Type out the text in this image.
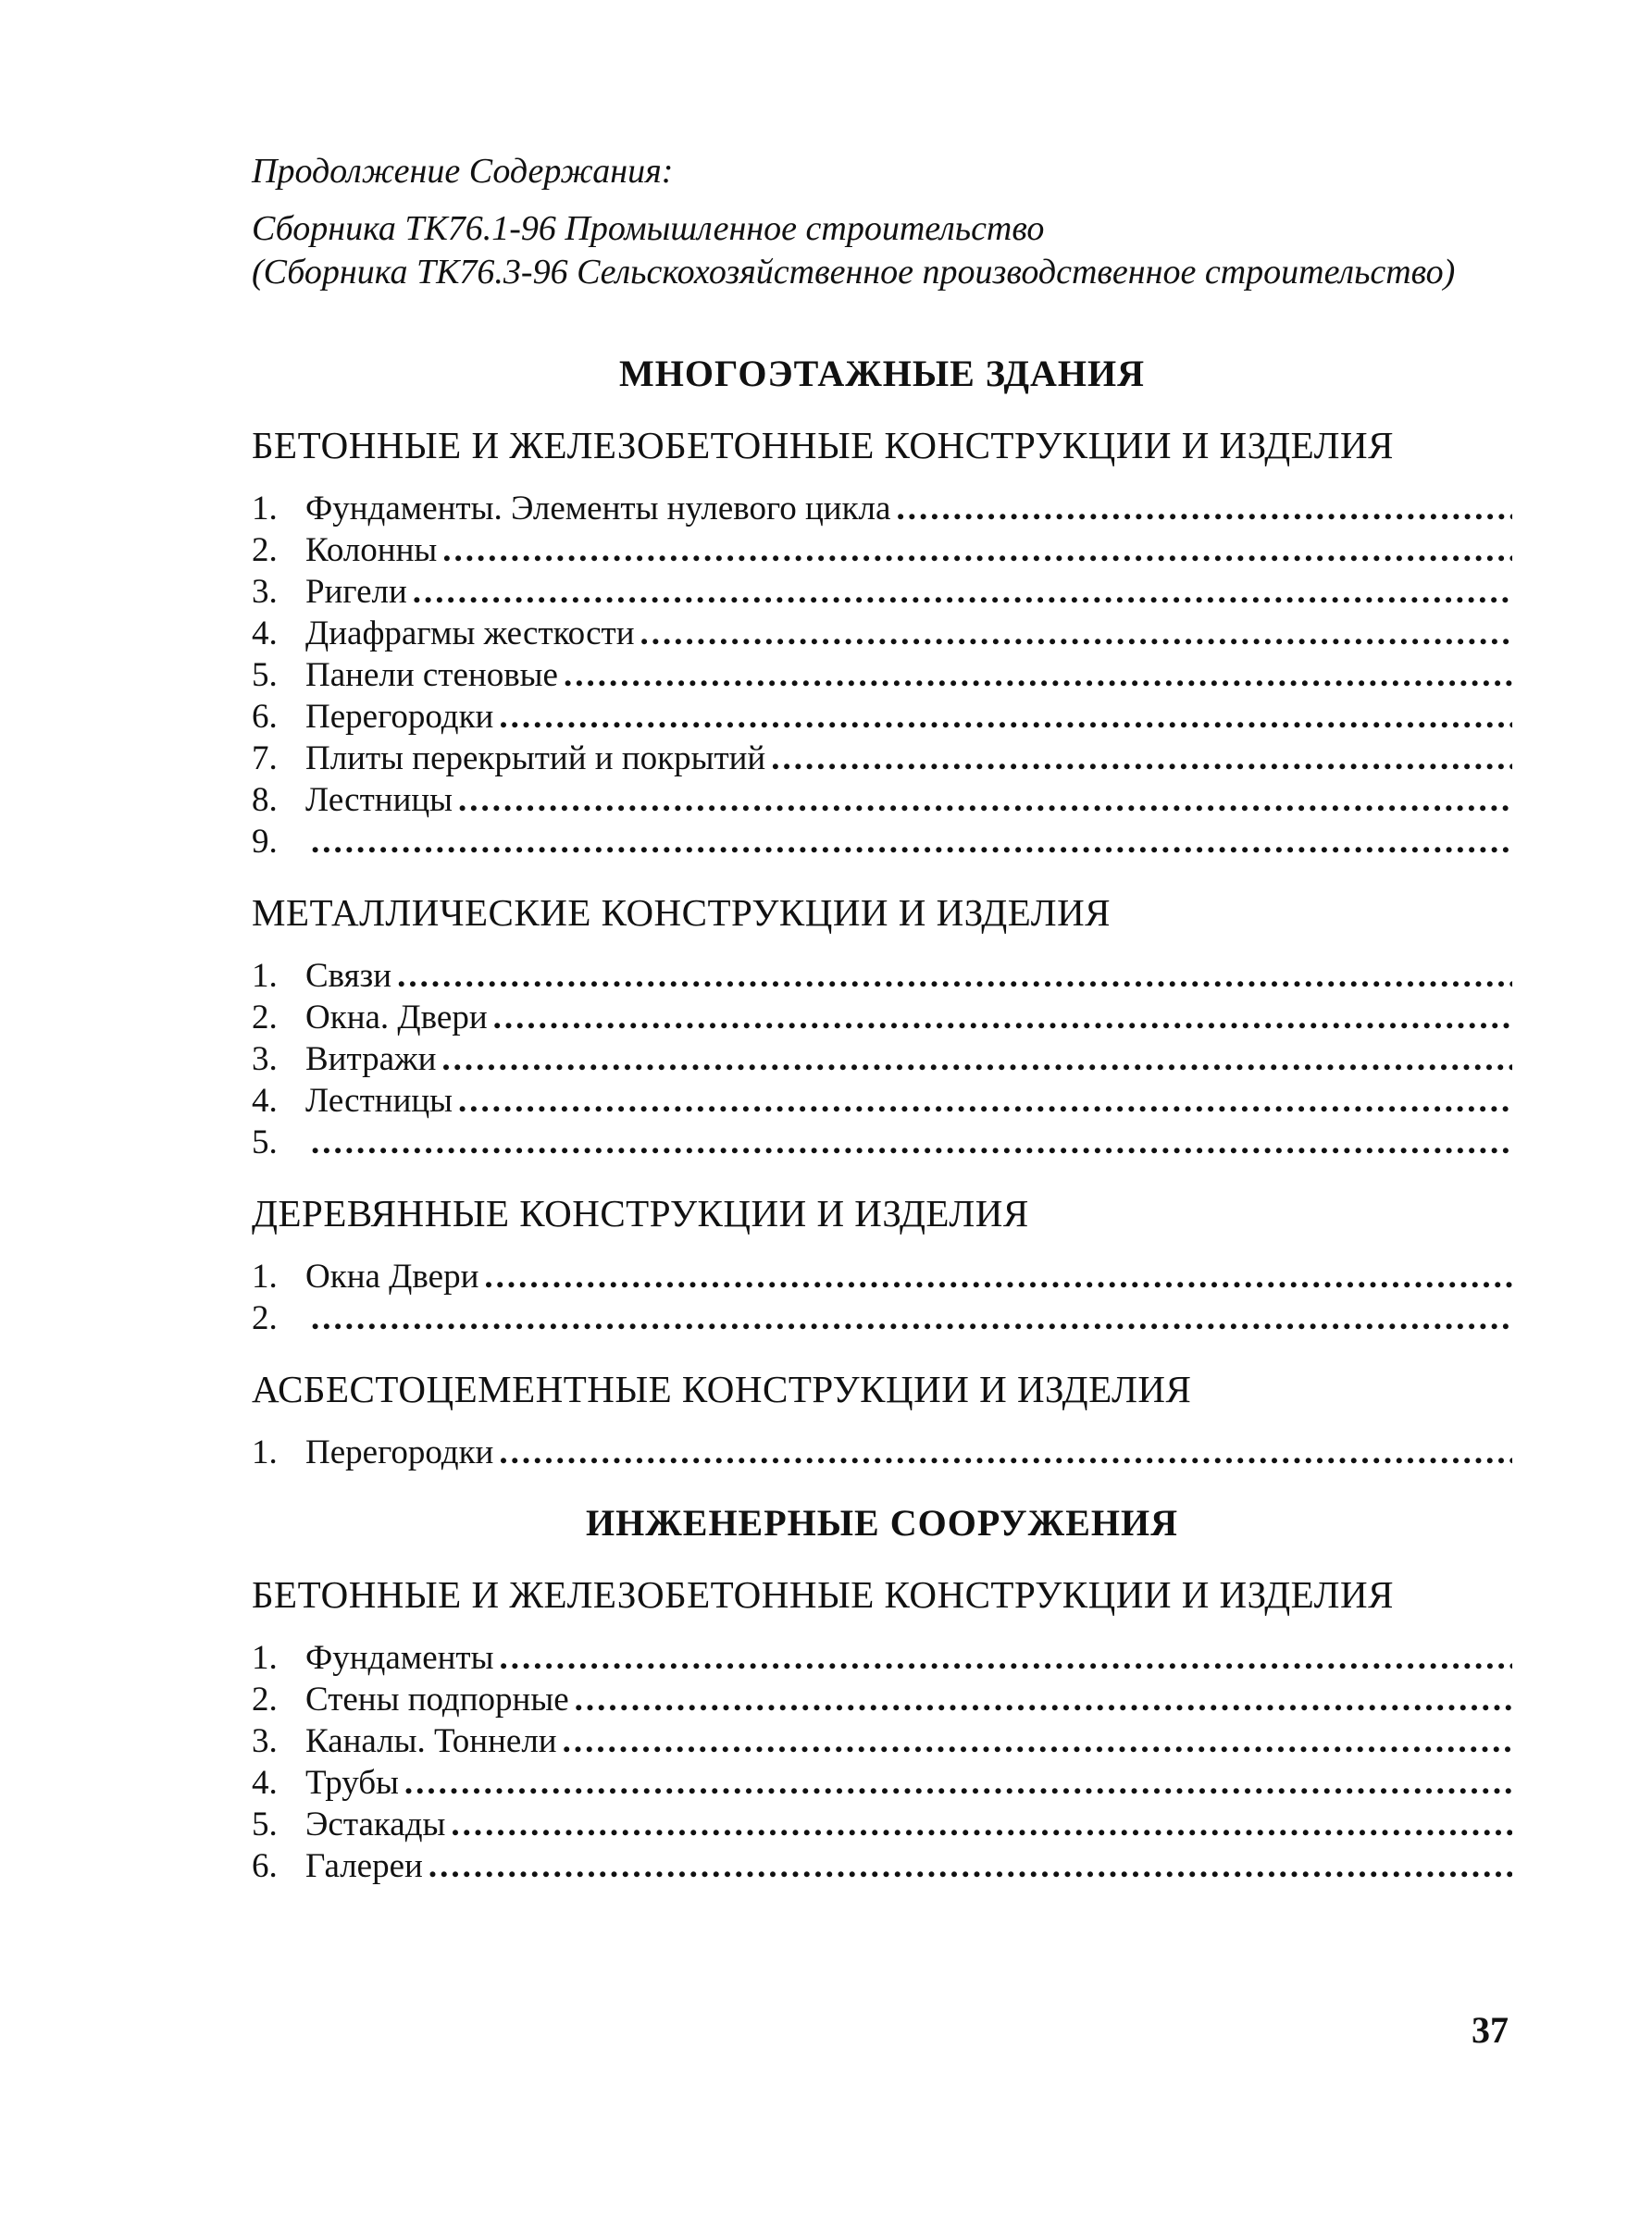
Продолжение Содержания:
Сборника ТК76.1-96 Промышленное строительство
(Сборника ТК76.3-96 Сельскохозяйственное производственное строительство)
МНОГОЭТАЖНЫЕ ЗДАНИЯ
БЕТОННЫЕ И ЖЕЛЕЗОБЕТОННЫЕ КОНСТРУКЦИИ И ИЗДЕЛИЯ
1. Фундаменты. Элементы нулевого цикла
.....
2. Колонны
.....
3. Ригели
.....
4. Диафрагмы жесткости
.....
5. Панели стеновые
.....
6. Перегородки
.....
7. Плиты перекрытий и покрытий
.....
8. Лестницы
.....
9.
.....
МЕТАЛЛИЧЕСКИЕ КОНСТРУКЦИИ И ИЗДЕЛИЯ
1. Связи
.....
2. Окна. Двери
.....
3. Витражи
.....
4. Лестницы
.....
5.
.....
ДЕРЕВЯННЫЕ КОНСТРУКЦИИ И ИЗДЕЛИЯ
1. Окна Двери
.....
2.
.....
АСБЕСТОЦЕМЕНТНЫЕ КОНСТРУКЦИИ И ИЗДЕЛИЯ
1. Перегородки
.....
ИНЖЕНЕРНЫЕ СООРУЖЕНИЯ
БЕТОННЫЕ И ЖЕЛЕЗОБЕТОННЫЕ КОНСТРУКЦИИ И ИЗДЕЛИЯ
1. Фундаменты
.....
2. Стены подпорные
.....
3. Каналы. Тоннели
.....
4. Трубы
.....
5. Эстакады
.....
6. Галереи
.....
37
